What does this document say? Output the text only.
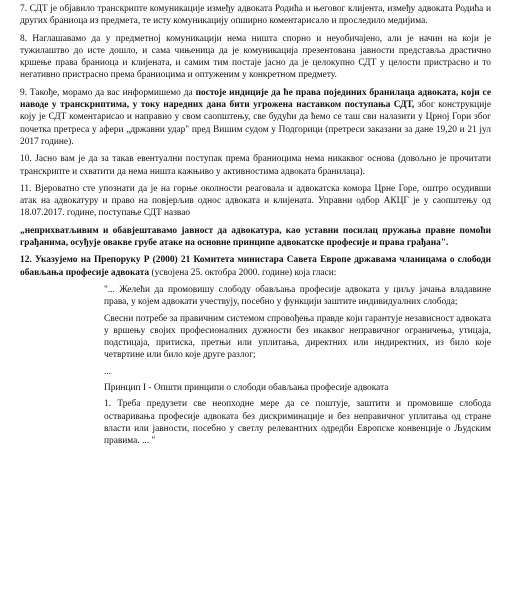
7. СДТ је објавило транскрипте комуникације између адвоката Родића и његовог клијента, између адвоката Родића и других браниоца из предмета, те исту комуникацију опширно коментарисало и проследило медијима.

8. Наглашавамо да у предметној комуникацији нема ништа спорно и неуобичајено, али је начин на који је тужилаштво до исте дошло, и сама чињеница да је комуникација презентована јавности представља драстично кршење права браниоца и клијената, и самим тим постаје јасно да је целокупно СДТ у целости пристрасно и то негативно пристрасно према браниоцима и оптуженим у конкретном предмету.

9. Такође, морамо да вас информишемо да постоје индиције да ће права појединих бранилаца адвоката, који се наводе у транскриптима, у току наредних дана бити угрожена наставком поступања СДТ, због конструкције коју је СДТ коментарисао и направио у свом саопштењу, све будући да ћемо се таш сви налазити у Црној Гори због почетка претреса у афери „државни удар" пред Вишим судом у Подгорици (претреси заказани за дане 19,20 и 21 јул 2017 године).

10. Јасно вам је да за такав евентуални поступак према браниоцима нема никаквог основа (довољно је прочитати транскрипте и схватити да нема ништа кажњиво у активностима адвоката бранилаца).

11. Вјероватно сте упознати да је на горње околности реаговала и адвокатска комора Црне Горе, оштро осудивши атак на адвокатуру и право на повјерљив однос адвоката и клијената. Управни одбор АКЦГ је у саопштењу од 18.07.2017. године, поступање СДТ назвао

„неприхватљивим и обавјештавамо јавност да адвокатура, као уставни посилац пружања правне помоћи грађанима, осуђује овакве грубе атаке на основне принципе адвокатске професије и права грађана".

12. Указујемо на Препоруку Р (2000) 21 Комитета министара Савета Европе државама чланицама о слободи обављања професије адвоката (усвојена 25. октобра 2000. године) која гласи:

"... Желећи да промовишу слободу обављања професије адвоката у циљу јачања владавине права, у којем адвокати учествују, посебно у функцији заштите индивидуалних слобода;

Свесни потребе за правичним системом спровођења правде који гарантује независност адвоката у вршењу својих професионалних дужности без икаквог неправичног ограничења, утицаја, подстицаја, притиска, претњи или уплитања, директних или индиректних, из било које четвртине или било које друге разлог;

...

Принцип I - Општи принципи о слободи обављања професије адвоката

1. Треба предузети све неопходне мере да се поштује, заштити и промовише слобода остваривања професије адвоката без дискриминације и без неправичног уплитања од стране власти или јавности, посебно у светлу релевантних одредби Европске конвенције о Људским правима. ... "
